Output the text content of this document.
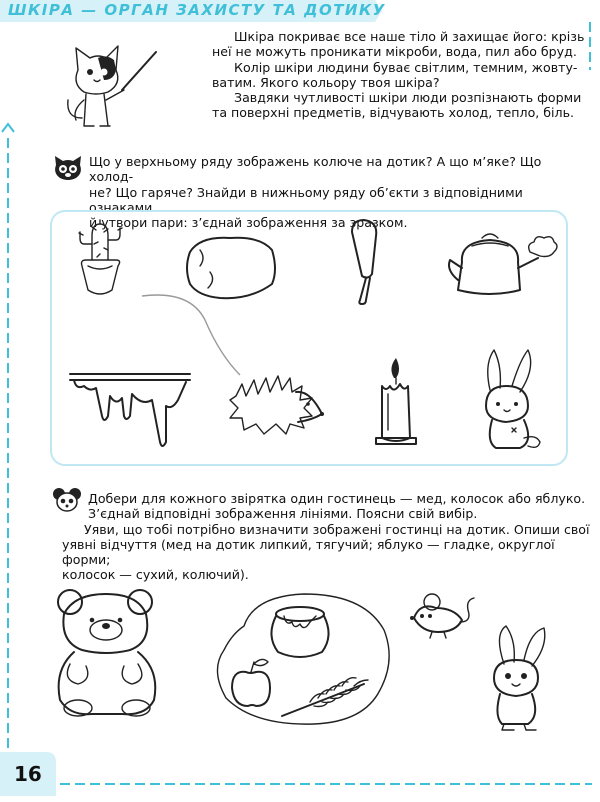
ШКІРА — ОРГАН ЗАХИСТУ ТА ДОТИКУ
Шкіра покриває все наше тіло й захищає його: крізь
неї не можуть проникати мікроби, вода, пил або бруд.
Колір шкіри людини буває світлим, темним, жовту-
ватим. Якого кольору твоя шкіра?
Завдяки чутливості шкіри люди розпізнають форми
та поверхні предметів, відчувають холод, тепло, біль.
Що у верхньому ряду зображень колюче на дотик? А що м’яке? Що холод-
не? Що гаряче? Знайди в нижньому ряду об’єкти з відповідними ознаками
й утвори пари: з’єднай зображення за зразком.
Добери для кожного звірятка один гостинець — мед, колосок або яблуко.
З’єднай відповідні зображення лініями. Поясни свій вибір.
Уяви, що тобі потрібно визначити зображені гостинці на дотик. Опиши свої
уявні відчуття (мед на дотик липкий, тягучий; яблуко — гладке, округлої форми;
колосок — сухий, колючий).
16
